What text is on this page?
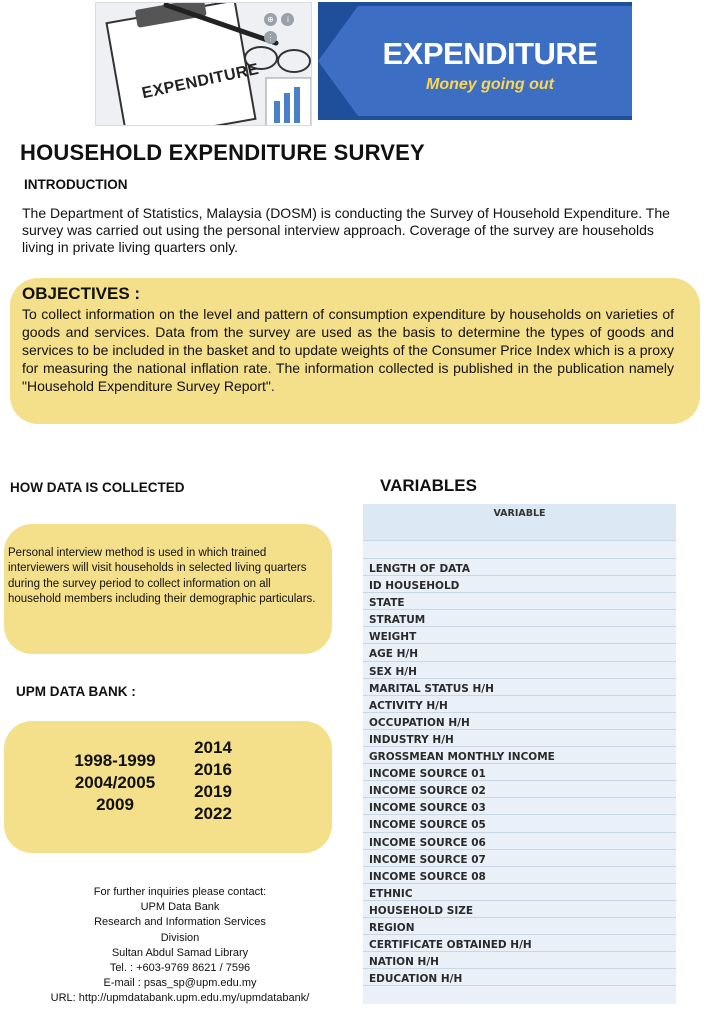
EXPENDITURE
⊕ i ⋮	EXPENDITURE
Money going out
HOUSEHOLD EXPENDITURE SURVEY
INTRODUCTION
The Department of Statistics, Malaysia (DOSM) is conducting the Survey of Household Expenditure. The survey was carried out using the personal interview approach. Coverage of the survey are households living in private living quarters only.
OBJECTIVES :
To collect information on the level and pattern of consumption expenditure by households on varieties of goods and services. Data from the survey are used as the basis to determine the types of goods and services to be included in the basket and to update weights of the Consumer Price Index which is a proxy for measuring the national inflation rate. The information collected is published in the publication namely "Household Expenditure Survey Report".
HOW DATA IS COLLECTED
Personal interview method is used in which trained interviewers will visit households in selected living quarters during the survey period to collect information on all household members including their demographic particulars.
UPM DATA BANK :
1998-1999
2004/2005
2009
2014
2016
2019
2022
VARIABLES
VARIABLE
LENGTH OF DATA
ID HOUSEHOLD
STATE
STRATUM
WEIGHT
AGE H/H
SEX H/H
MARITAL STATUS H/H
ACTIVITY H/H
OCCUPATION H/H
INDUSTRY H/H
GROSSMEAN MONTHLY INCOME
INCOME SOURCE 01
INCOME SOURCE 02
INCOME SOURCE 03
INCOME SOURCE 05
INCOME SOURCE 06
INCOME SOURCE 07
INCOME SOURCE 08
ETHNIC
HOUSEHOLD SIZE
REGION
CERTIFICATE OBTAINED H/H
NATION H/H
EDUCATION H/H
For further inquiries please contact:
UPM Data Bank
Research and Information Services
Division
Sultan Abdul Samad Library
Tel. : +603-9769 8621 / 7596
E-mail : psas_sp@upm.edu.my
URL: http://upmdatabank.upm.edu.my/upmdatabank/
